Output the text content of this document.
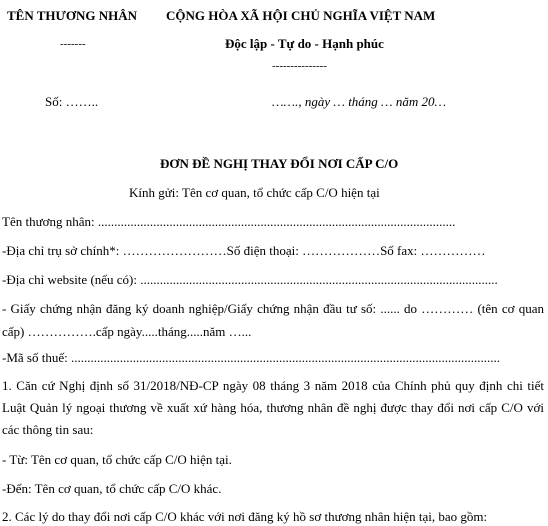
TÊN THƯƠNG NHÂN
-------
CỘNG HÒA XÃ HỘI CHỦ NGHĨA VIỆT NAM
Độc lập - Tự do - Hạnh phúc
---------------
Số: ……..	……., ngày … tháng … năm 20…
ĐƠN ĐỀ NGHỊ THAY ĐỔI NƠI CẤP C/O
Kính gửi: Tên cơ quan, tổ chức cấp C/O hiện tại
Tên thương nhân: ..............................................................................................................
-Địa chỉ trụ sở chính*: ……………………Số điện thoại: ………………Số fax: ……………
-Địa chỉ website (nếu có): ..............................................................................................................
- Giấy chứng nhận đăng ký doanh nghiệp/Giấy chứng nhận đầu tư số: ...... do ………… (tên cơ quan cấp) …………….cấp ngày.....tháng.....năm …...
-Mã số thuế: ....................................................................................................................................
1. Căn cứ Nghị định số 31/2018/NĐ-CP ngày 08 tháng 3 năm 2018 của Chính phủ quy định chi tiết Luật Quản lý ngoại thương về xuất xứ hàng hóa, thương nhân đề nghị được thay đổi nơi cấp C/O với các thông tin sau:
- Từ: Tên cơ quan, tổ chức cấp C/O hiện tại.
-Đến: Tên cơ quan, tổ chức cấp C/O khác.
2. Các lý do thay đổi nơi cấp C/O khác với nơi đăng ký hồ sơ thương nhân hiện tại, bao gồm:
